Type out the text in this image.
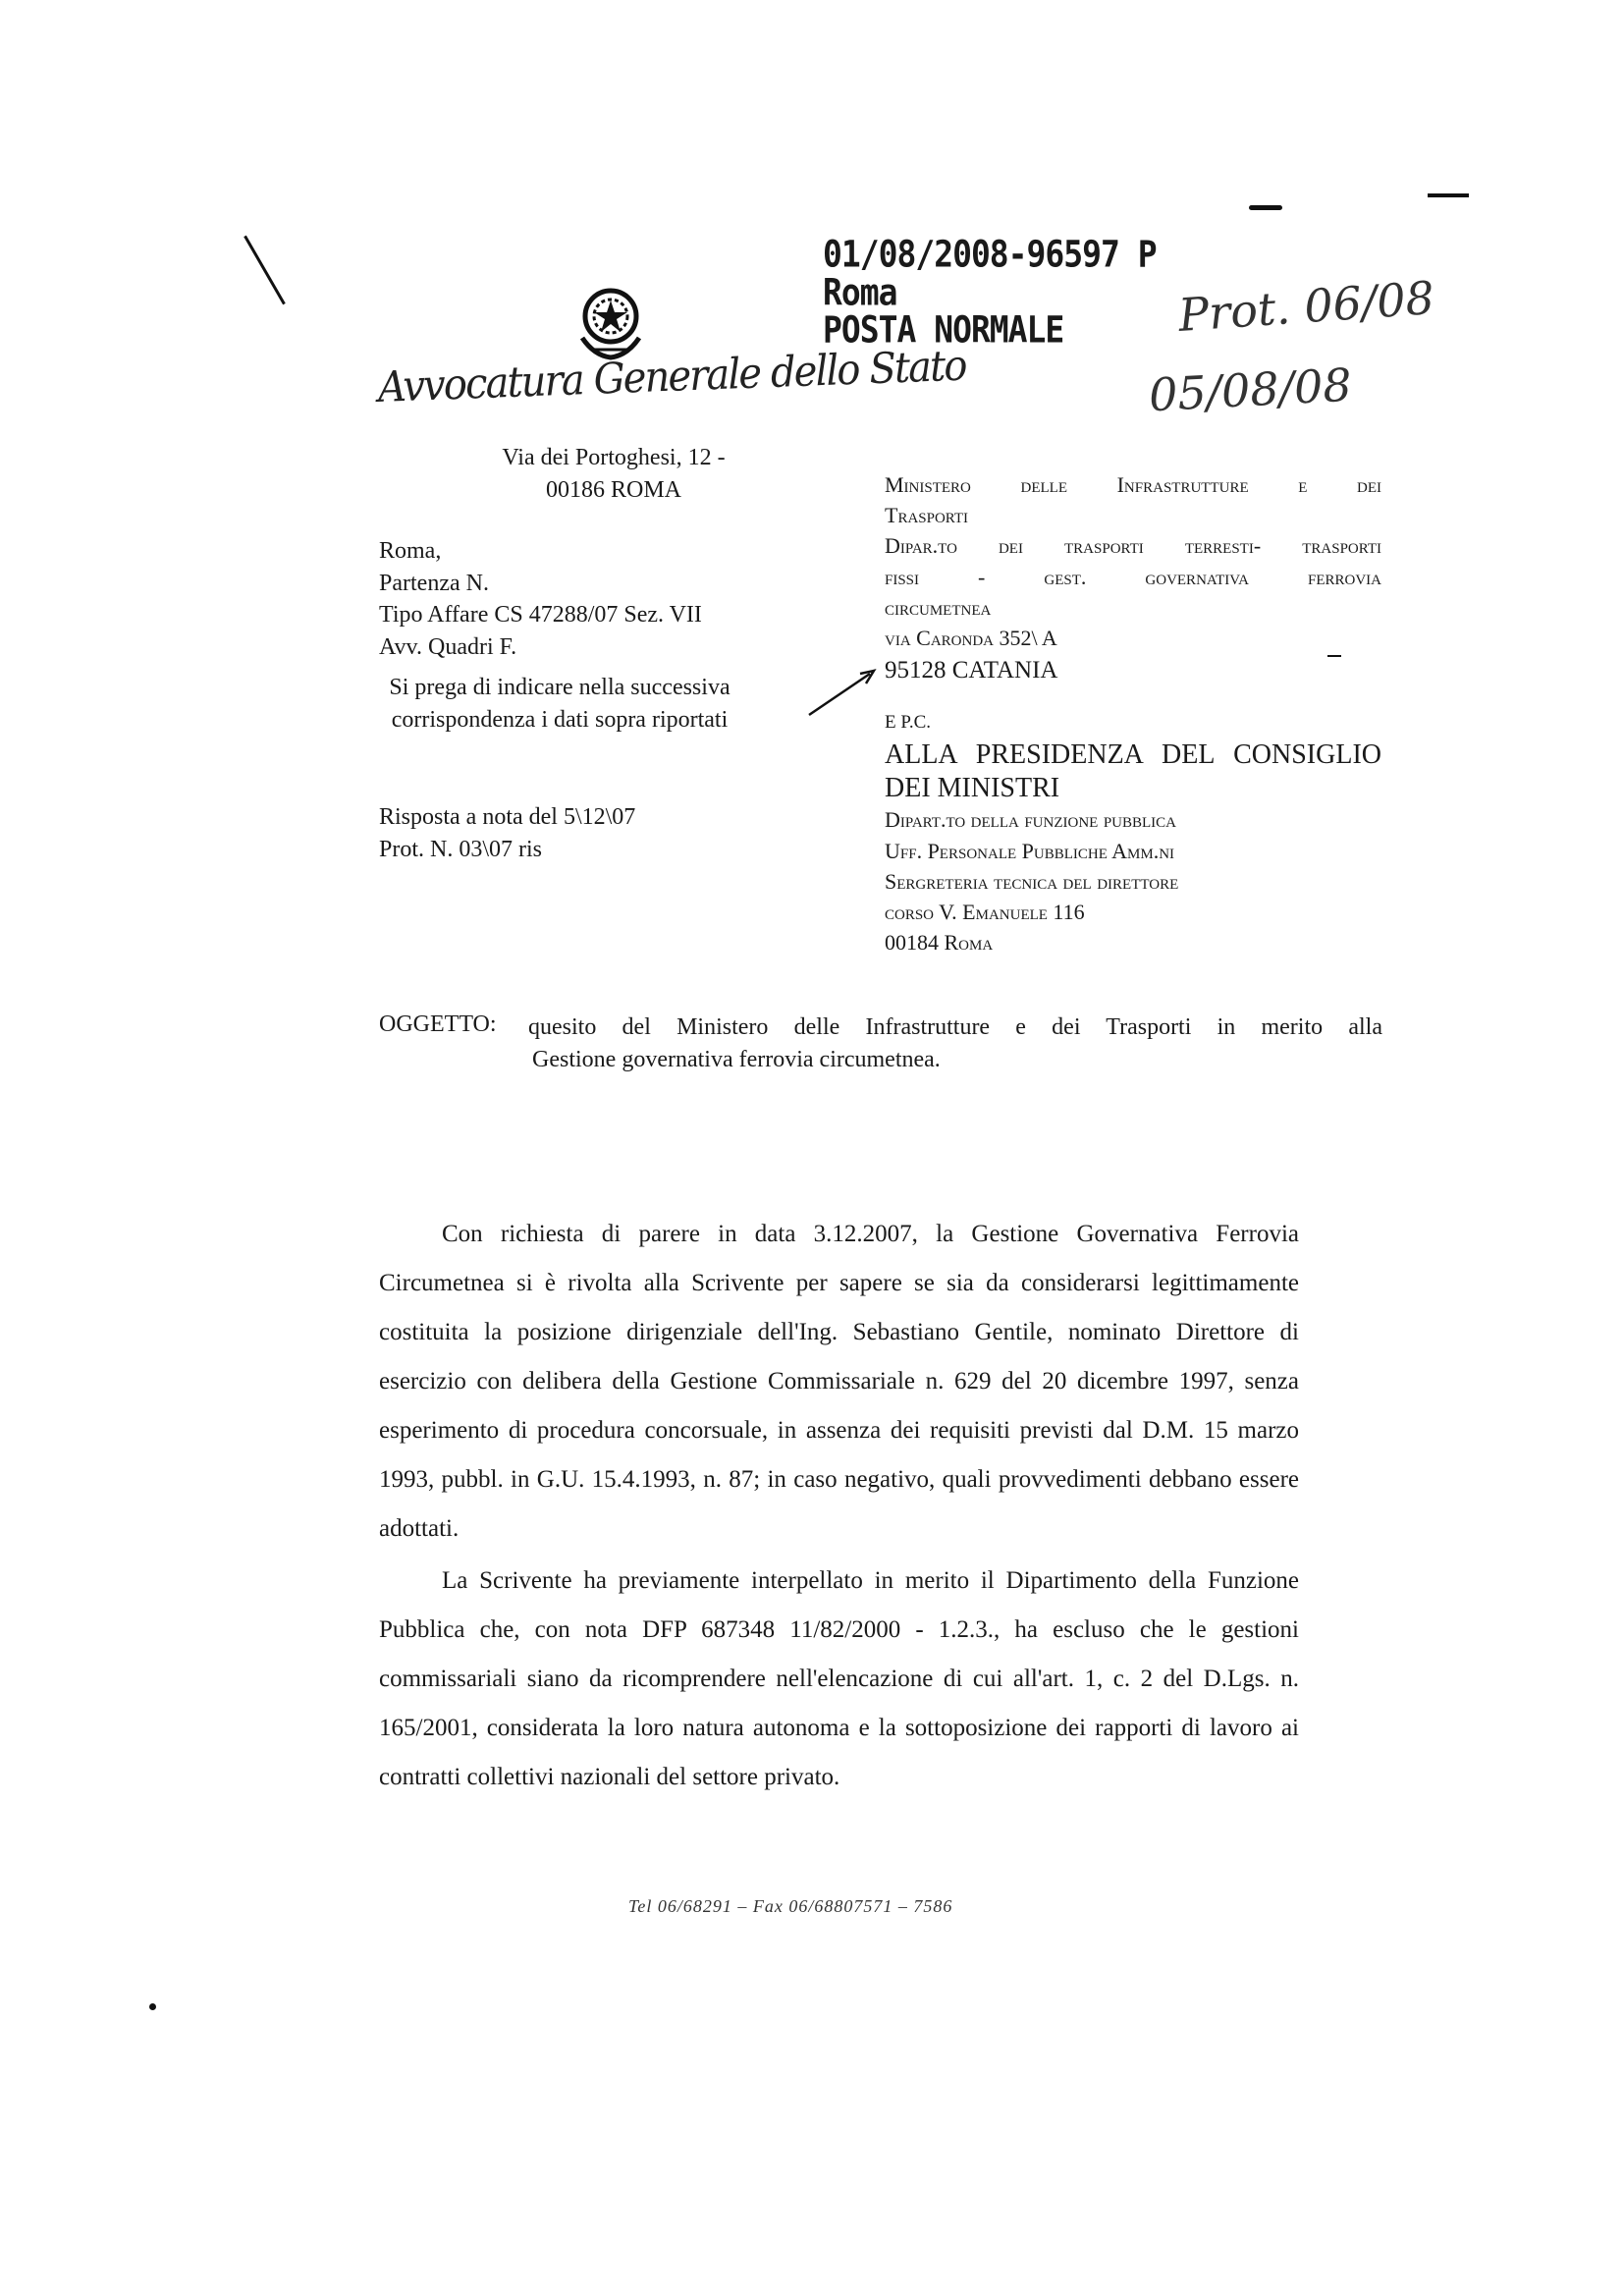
01/08/2008-96597 P
Roma
POSTA NORMALE	Prot. 06/08
05/08/08
Avvocatura Generale dello Stato
Via dei Portoghesi, 12 -
00186 ROMA
Roma,
Partenza N.
Tipo Affare CS 47288/07 Sez. VII
Avv. Quadri F.
Si prega di indicare nella successiva corrispondenza i dati sopra riportati
Risposta a nota del 5\12\07
Prot. N. 03\07 ris
Ministero delle Infrastrutture e dei
Trasporti
Dipar.to dei trasporti terresti- trasporti
fissi - gest. governativa ferrovia
circumetnea
via Caronda 352\ A
95128 CATANIA
E P.C.
ALLA PRESIDENZA DEL CONSIGLIO
DEI MINISTRI
Dipart.to della funzione pubblica
Uff. Personale Pubbliche Amm.ni
Sergreteria tecnica del direttore
corso V. Emanuele 116
00184 Roma
OGGETTO: quesito del Ministero delle Infrastrutture e dei Trasporti in merito alla
Gestione governativa ferrovia circumetnea.
Con richiesta di parere in data 3.12.2007, la Gestione Governativa Ferrovia Circumetnea si è rivolta alla Scrivente per sapere se sia da considerarsi legittimamente costituita la posizione dirigenziale dell'Ing. Sebastiano Gentile, nominato Direttore di esercizio con delibera della Gestione Commissariale n. 629 del 20 dicembre 1997, senza esperimento di procedura concorsuale, in assenza dei requisiti previsti dal D.M. 15 marzo 1993, pubbl. in G.U. 15.4.1993, n. 87; in caso negativo, quali provvedimenti debbano essere adottati.
La Scrivente ha previamente interpellato in merito il Dipartimento della Funzione Pubblica che, con nota DFP 687348 11/82/2000 - 1.2.3., ha escluso che le gestioni commissariali siano da ricomprendere nell'elencazione di cui all'art. 1, c. 2 del D.Lgs. n. 165/2001, considerata la loro natura autonoma e la sottoposizione dei rapporti di lavoro ai contratti collettivi nazionali del settore privato.
Tel 06/68291 – Fax 06/68807571 – 7586
